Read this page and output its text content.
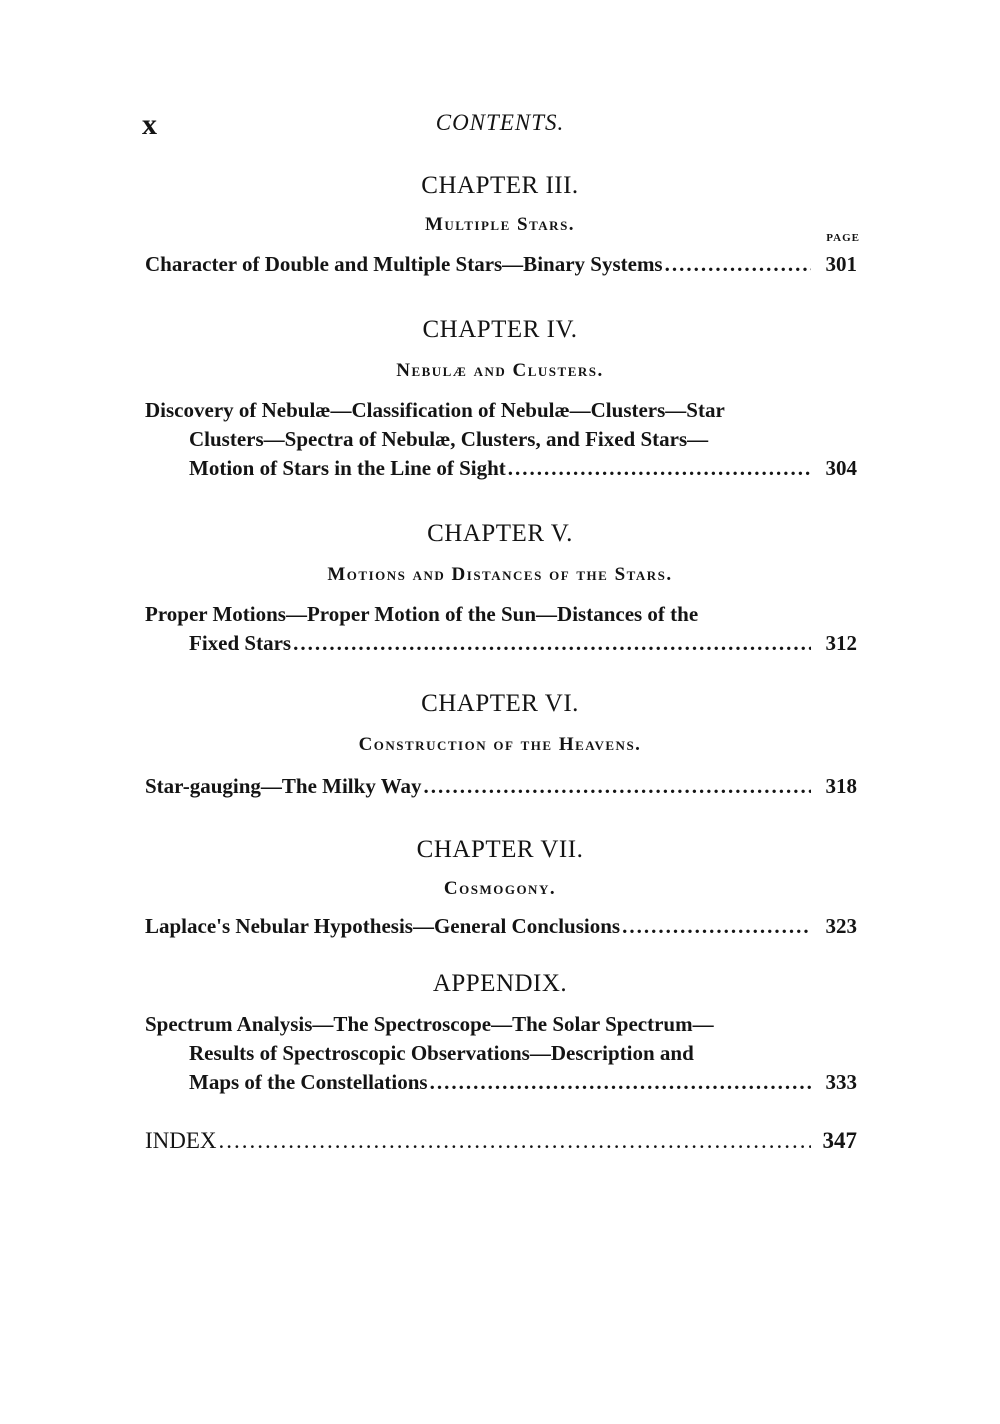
x	CONTENTS.
CHAPTER III.
Multiple Stars.
PAGE
Character of Double and Multiple Stars—Binary Systems .....	301
CHAPTER IV.
Nebulæ and Clusters.
Discovery of Nebulæ—Classification of Nebulæ—Clusters—Star
Clusters—Spectra of Nebulæ, Clusters, and Fixed Stars—
Motion of Stars in the Line of Sight .....	304
CHAPTER V.
Motions and Distances of the Stars.
Proper Motions—Proper Motion of the Sun—Distances of the
Fixed Stars .....	312
CHAPTER VI.
Construction of the Heavens.
Star-gauging—The Milky Way .....	318
CHAPTER VII.
Cosmogony.
Laplace's Nebular Hypothesis—General Conclusions .....	323
APPENDIX.
Spectrum Analysis—The Spectroscope—The Solar Spectrum—
Results of Spectroscopic Observations—Description and
Maps of the Constellations .....	333
INDEX .....	347
